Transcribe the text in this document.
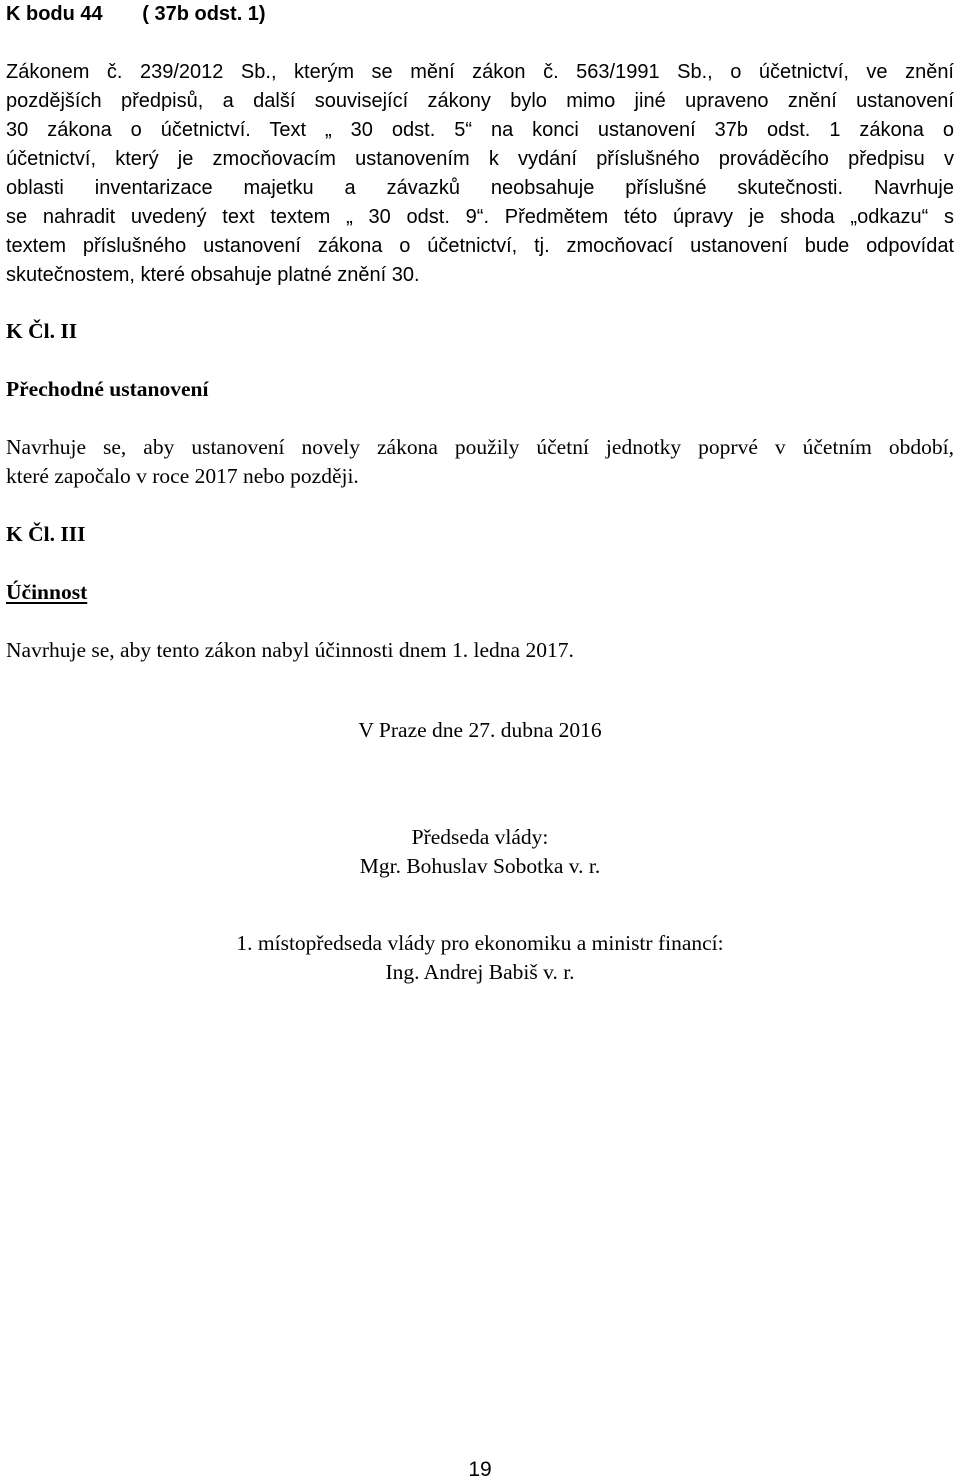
K bodu 44 ( 37b odst. 1)
Zákonem č. 239/2012 Sb., kterým se mění zákon č. 563/1991 Sb., o účetnictví, ve znění
pozdějších předpisů, a další související zákony bylo mimo jiné upraveno znění ustanovení
30 zákona o účetnictví. Text „ 30 odst. 5“ na konci ustanovení 37b odst. 1 zákona o
účetnictví, který je zmocňovacím ustanovením k vydání příslušného prováděcího předpisu v
oblasti inventarizace majetku a závazků neobsahuje příslušné skutečnosti. Navrhuje
se nahradit uvedený text textem „ 30 odst. 9“. Předmětem této úpravy je shoda „odkazu“ s
textem příslušného ustanovení zákona o účetnictví, tj. zmocňovací ustanovení bude odpovídat
skutečnostem, které obsahuje platné znění 30.
K Čl. II
Přechodné ustanovení
Navrhuje se, aby ustanovení novely zákona použily účetní jednotky poprvé v účetním období,
které započalo v roce 2017 nebo později.
K Čl. III
Účinnost
Navrhuje se, aby tento zákon nabyl účinnosti dnem 1. ledna 2017.
V Praze dne 27. dubna 2016
Předseda vlády:
Mgr. Bohuslav Sobotka v. r.
1. místopředseda vlády pro ekonomiku a ministr financí:
Ing. Andrej Babiš v. r.
19
